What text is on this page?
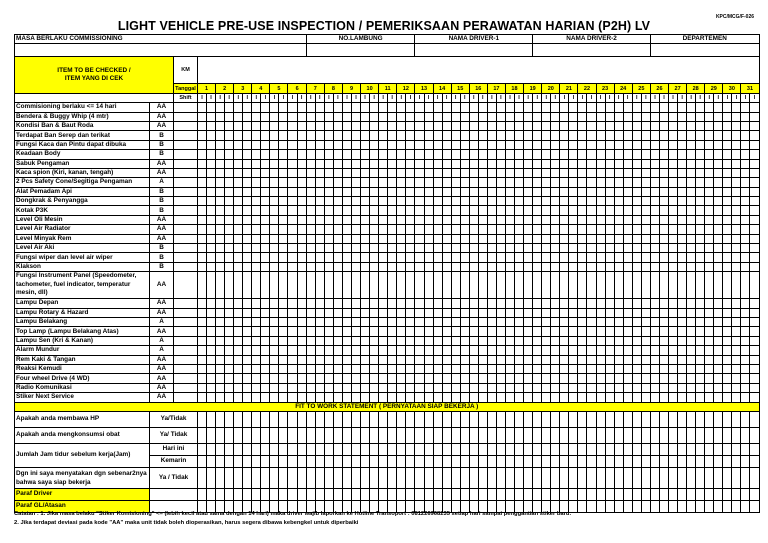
KPC/MCG/F-026
LIGHT VEHICLE PRE-USE INSPECTION / PEMERIKSAAN PERAWATAN HARIAN (P2H) LV
MASA BERLAKU COMMISSIONING	NO.LAMBUNG	NAMA DRIVER-1	NAMA DRIVER-2	DEPARTEMEN	

ITEM TO BE CHECKED /
ITEM YANG DI CEK	KM	
Tanggal	1	2	3	4	5	6	7	8	9	10	11	12	13	14	15	16	17	18	19	20	21	22	23	24	25	26	27	28	29	30	31
	Shift	I	I	I	I	I	I	I	I	I	I	I	I	I	I	I	I	I	I	I	I	I	I	I	I	I	I	I	I	I	I	I	I	I	I	I	I	I	I	I	I	I	I	I	I	I	I	I	I	I	I	I	I	I	I	I	I	I	I	I	I	I	I
Commisioning berlaku <= 14 hari	AA																																																															
Bendera & Buggy Whip (4 mtr)	AA																																																															
Kondisi Ban & Baut Roda	AA																																																															
Terdapat Ban Serep dan terikat	B																																																															
Fungsi Kaca dan Pintu dapat dibuka	B																																																															
Keadaan Body	B																																																															
Sabuk Pengaman	AA																																																															
Kaca spion (Kiri, kanan, tengah)	AA																																																															
2 Pcs Safety Cone/Segitiga Pengaman	A																																																															
Alat Pemadam Api	B																																																															
Dongkrak & Penyangga	B																																																															
Kotak P3K	B																																																															
Level Oli Mesin	AA																																																															
Level Air Radiator	AA																																																															
Level Minyak Rem	AA																																																															
Level Air Aki	B																																																															
Fungsi wiper dan level air wiper	B																																																															
Klakson	B																																																															
Fungsi Instrument Panel (Speedometer, tachometer, fuel indicator, temperatur mesin, dll)	AA																																																															
Lampu Depan	AA																																																															
Lampu Rotary & Hazard	AA																																																															
Lampu Belakang	A																																																															
Top Lamp (Lampu Belakang Atas)	AA																																																															
Lampu Sen (Kri & Kanan)	A																																																															
Alarm Mundur	A																																																															
Rem Kaki & Tangan	AA																																																															
Reaksi Kemudi	AA																																																															
Four wheel Drive (4 WD)	AA																																																															
Radio Komunikasi	AA																																																															
Stiker Next Service	AA																																																															
FIT TO WORK STATEMENT ( PERNYATAAN SIAP BEKERJA )
Apakah anda membawa HP	Ya/Tidak																																																														
Apakah anda mengkonsumsi obat	Ya/ Tidak																																																														
Jumlah Jam tidur sebelum kerja(Jam)	Hari ini																																																														
Kemarin																																																														
Dgn ini saya menyatakan dgn sebenar2nya bahwa saya siap bekerja	Ya / Tidak																																																														
Paraf Driver																																																															
Paraf GL/Atasan																																																															
Catatan : 1. Jika masa belaku "Stiker Komisioning" <= (lebih kecil atau sama dengan 14 hari) maka driver wajib laporkan ke Hotline Transoport : 081226968235 setiap hari sampai penggantian stiker baru.
2. Jika terdapat deviasi pada kode "AA" maka unit tidak boleh dioperasikan, harus segera dibawa kebengkel untuk diperbaiki
